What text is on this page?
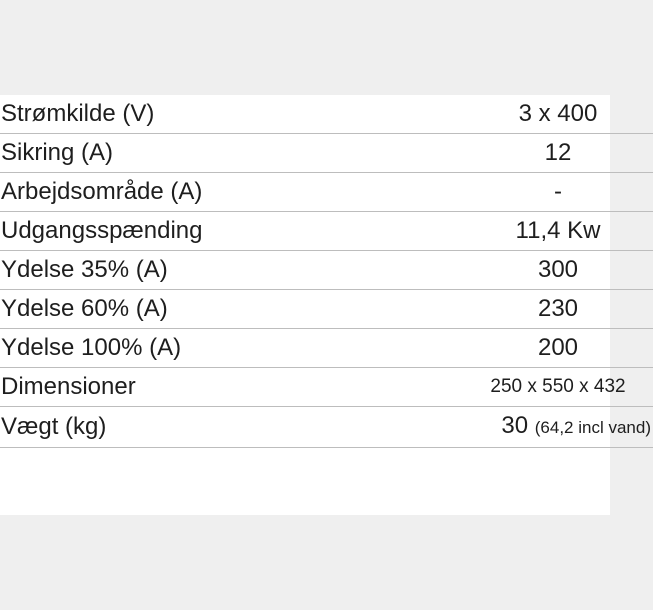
Strømkilde (V)	3 x 400
Sikring (A)	12
Arbejdsområde (A)	-
Udgangsspænding	11,4 Kw
Ydelse 35% (A)	300
Ydelse 60% (A)	230
Ydelse 100% (A)	200
Dimensioner	250 x 550 x 432
Vægt (kg)	30 (64,2 incl vand)
